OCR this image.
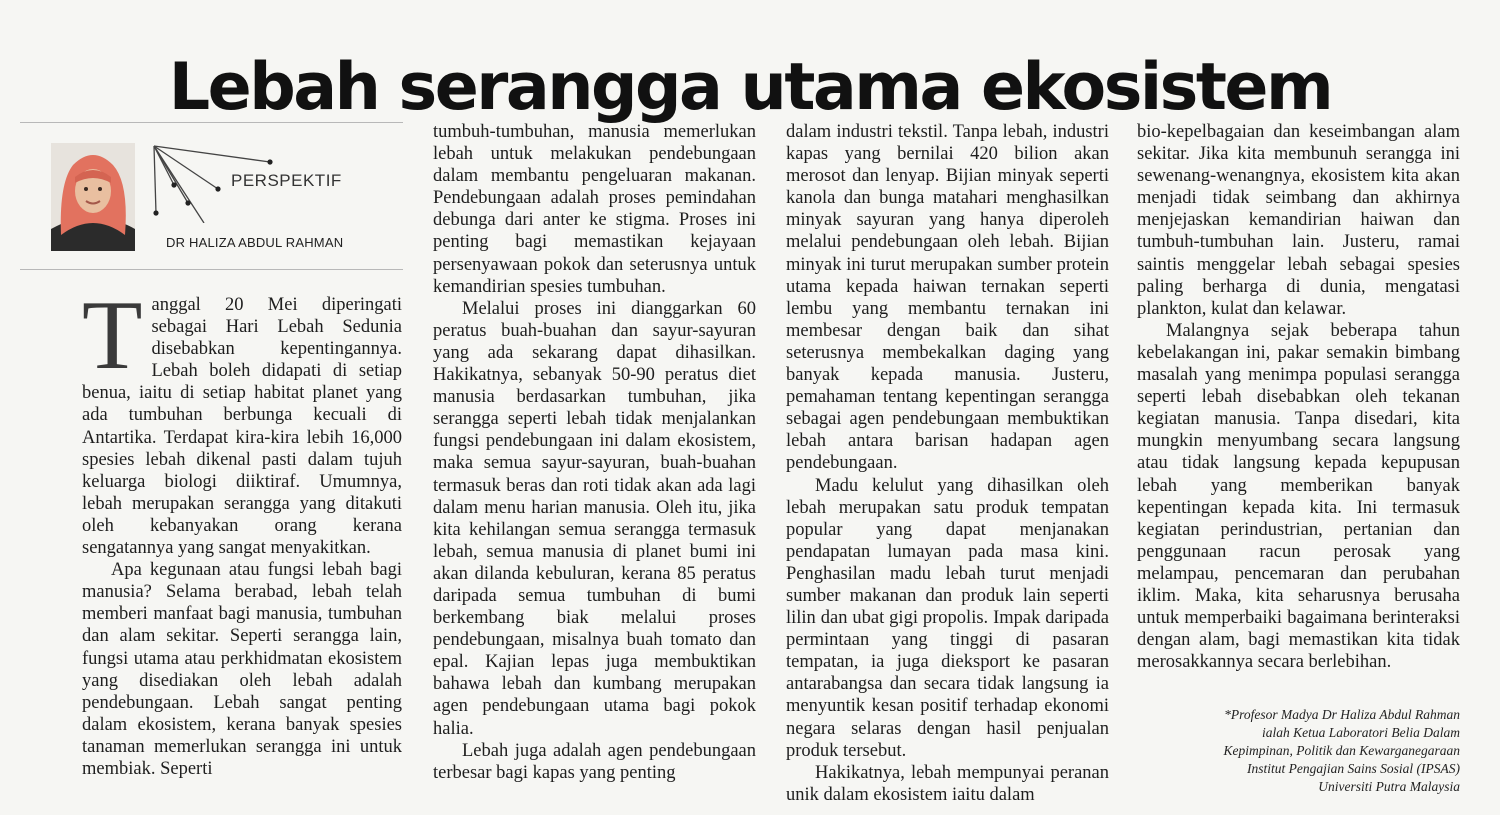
Lebah serangga utama ekosistem
PERSPEKTIF
DR HALIZA ABDUL RAHMAN
T anggal 20 Mei diperingati sebagai Hari Lebah Sedunia disebabkan kepentingannya. Lebah boleh didapati di setiap benua, iaitu di setiap habitat planet yang ada tumbuhan berbunga kecuali di Antartika. Terdapat kira-kira lebih 16,000 spesies lebah dikenal pasti dalam tujuh keluarga biologi diiktiraf. Umumnya, lebah merupakan serangga yang ditakuti oleh kebanyakan orang kerana sengatannya yang sangat menyakitkan.

Apa kegunaan atau fungsi lebah bagi manusia? Selama berabad, lebah telah memberi manfaat bagi manusia, tumbuhan dan alam sekitar. Seperti serangga lain, fungsi utama atau perkhidmatan ekosistem yang disediakan oleh lebah adalah pendebungaan. Lebah sangat penting dalam ekosistem, kerana banyak spesies tanaman memerlukan serangga ini untuk membiak. Seperti

tumbuh-tumbuhan, manusia memerlukan lebah untuk melakukan pendebungaan dalam membantu pengeluaran makanan. Pendebungaan adalah proses pemindahan debunga dari anter ke stigma. Proses ini penting bagi memastikan kejayaan persenyawaan pokok dan seterusnya untuk kemandirian spesies tumbuhan.

Melalui proses ini dianggarkan 60 peratus buah-buahan dan sayur-sayuran yang ada sekarang dapat dihasilkan. Hakikatnya, sebanyak 50-90 peratus diet manusia berdasarkan tumbuhan, jika serangga seperti lebah tidak menjalankan fungsi pendebungaan ini dalam ekosistem, maka semua sayur-sayuran, buah-buahan termasuk beras dan roti tidak akan ada lagi dalam menu harian manusia. Oleh itu, jika kita kehilangan semua serangga termasuk lebah, semua manusia di planet bumi ini akan dilanda kebuluran, kerana 85 peratus daripada semua tumbuhan di bumi berkembang biak melalui proses pendebungaan, misalnya buah tomato dan epal. Kajian lepas juga membuktikan bahawa lebah dan kumbang merupakan agen pendebungaan utama bagi pokok halia.

Lebah juga adalah agen pendebungaan terbesar bagi kapas yang penting

dalam industri tekstil. Tanpa lebah, industri kapas yang bernilai 420 bilion akan merosot dan lenyap. Bijian minyak seperti kanola dan bunga matahari menghasilkan minyak sayuran yang hanya diperoleh melalui pendebungaan oleh lebah. Bijian minyak ini turut merupakan sumber protein utama kepada haiwan ternakan seperti lembu yang membantu ternakan ini membesar dengan baik dan sihat seterusnya membekalkan daging yang banyak kepada manusia. Justeru, pemahaman tentang kepentingan serangga sebagai agen pendebungaan membuktikan lebah antara barisan hadapan agen pendebungaan.

Madu kelulut yang dihasilkan oleh lebah merupakan satu produk tempatan popular yang dapat menjanakan pendapatan lumayan pada masa kini. Penghasilan madu lebah turut menjadi sumber makanan dan produk lain seperti lilin dan ubat gigi propolis. Impak daripada permintaan yang tinggi di pasaran tempatan, ia juga dieksport ke pasaran antarabangsa dan secara tidak langsung ia menyuntik kesan positif terhadap ekonomi negara selaras dengan hasil penjualan produk tersebut.

Hakikatnya, lebah mempunyai peranan unik dalam ekosistem iaitu dalam

bio-kepelbagaian dan keseimbangan alam sekitar. Jika kita membunuh serangga ini sewenang-wenangnya, ekosistem kita akan menjadi tidak seimbang dan akhirnya menjejaskan kemandirian haiwan dan tumbuh-tumbuhan lain. Justeru, ramai saintis menggelar lebah sebagai spesies paling berharga di dunia, mengatasi plankton, kulat dan kelawar.

Malangnya sejak beberapa tahun kebelakangan ini, pakar semakin bimbang masalah yang menimpa populasi serangga seperti lebah disebabkan oleh tekanan kegiatan manusia. Tanpa disedari, kita mungkin menyumbang secara langsung atau tidak langsung kepada kepupusan lebah yang memberikan banyak kepentingan kepada kita. Ini termasuk kegiatan perindustrian, pertanian dan penggunaan racun perosak yang melampau, pencemaran dan perubahan iklim. Maka, kita seharusnya berusaha untuk memperbaiki bagaimana berinteraksi dengan alam, bagi memastikan kita tidak merosakkannya secara berlebihan.

*Profesor Madya Dr Haliza Abdul Rahman
ialah Ketua Laboratori Belia Dalam
Kepimpinan, Politik dan Kewarganegaraan
Institut Pengajian Sains Sosial (IPSAS)
Universiti Putra Malaysia
